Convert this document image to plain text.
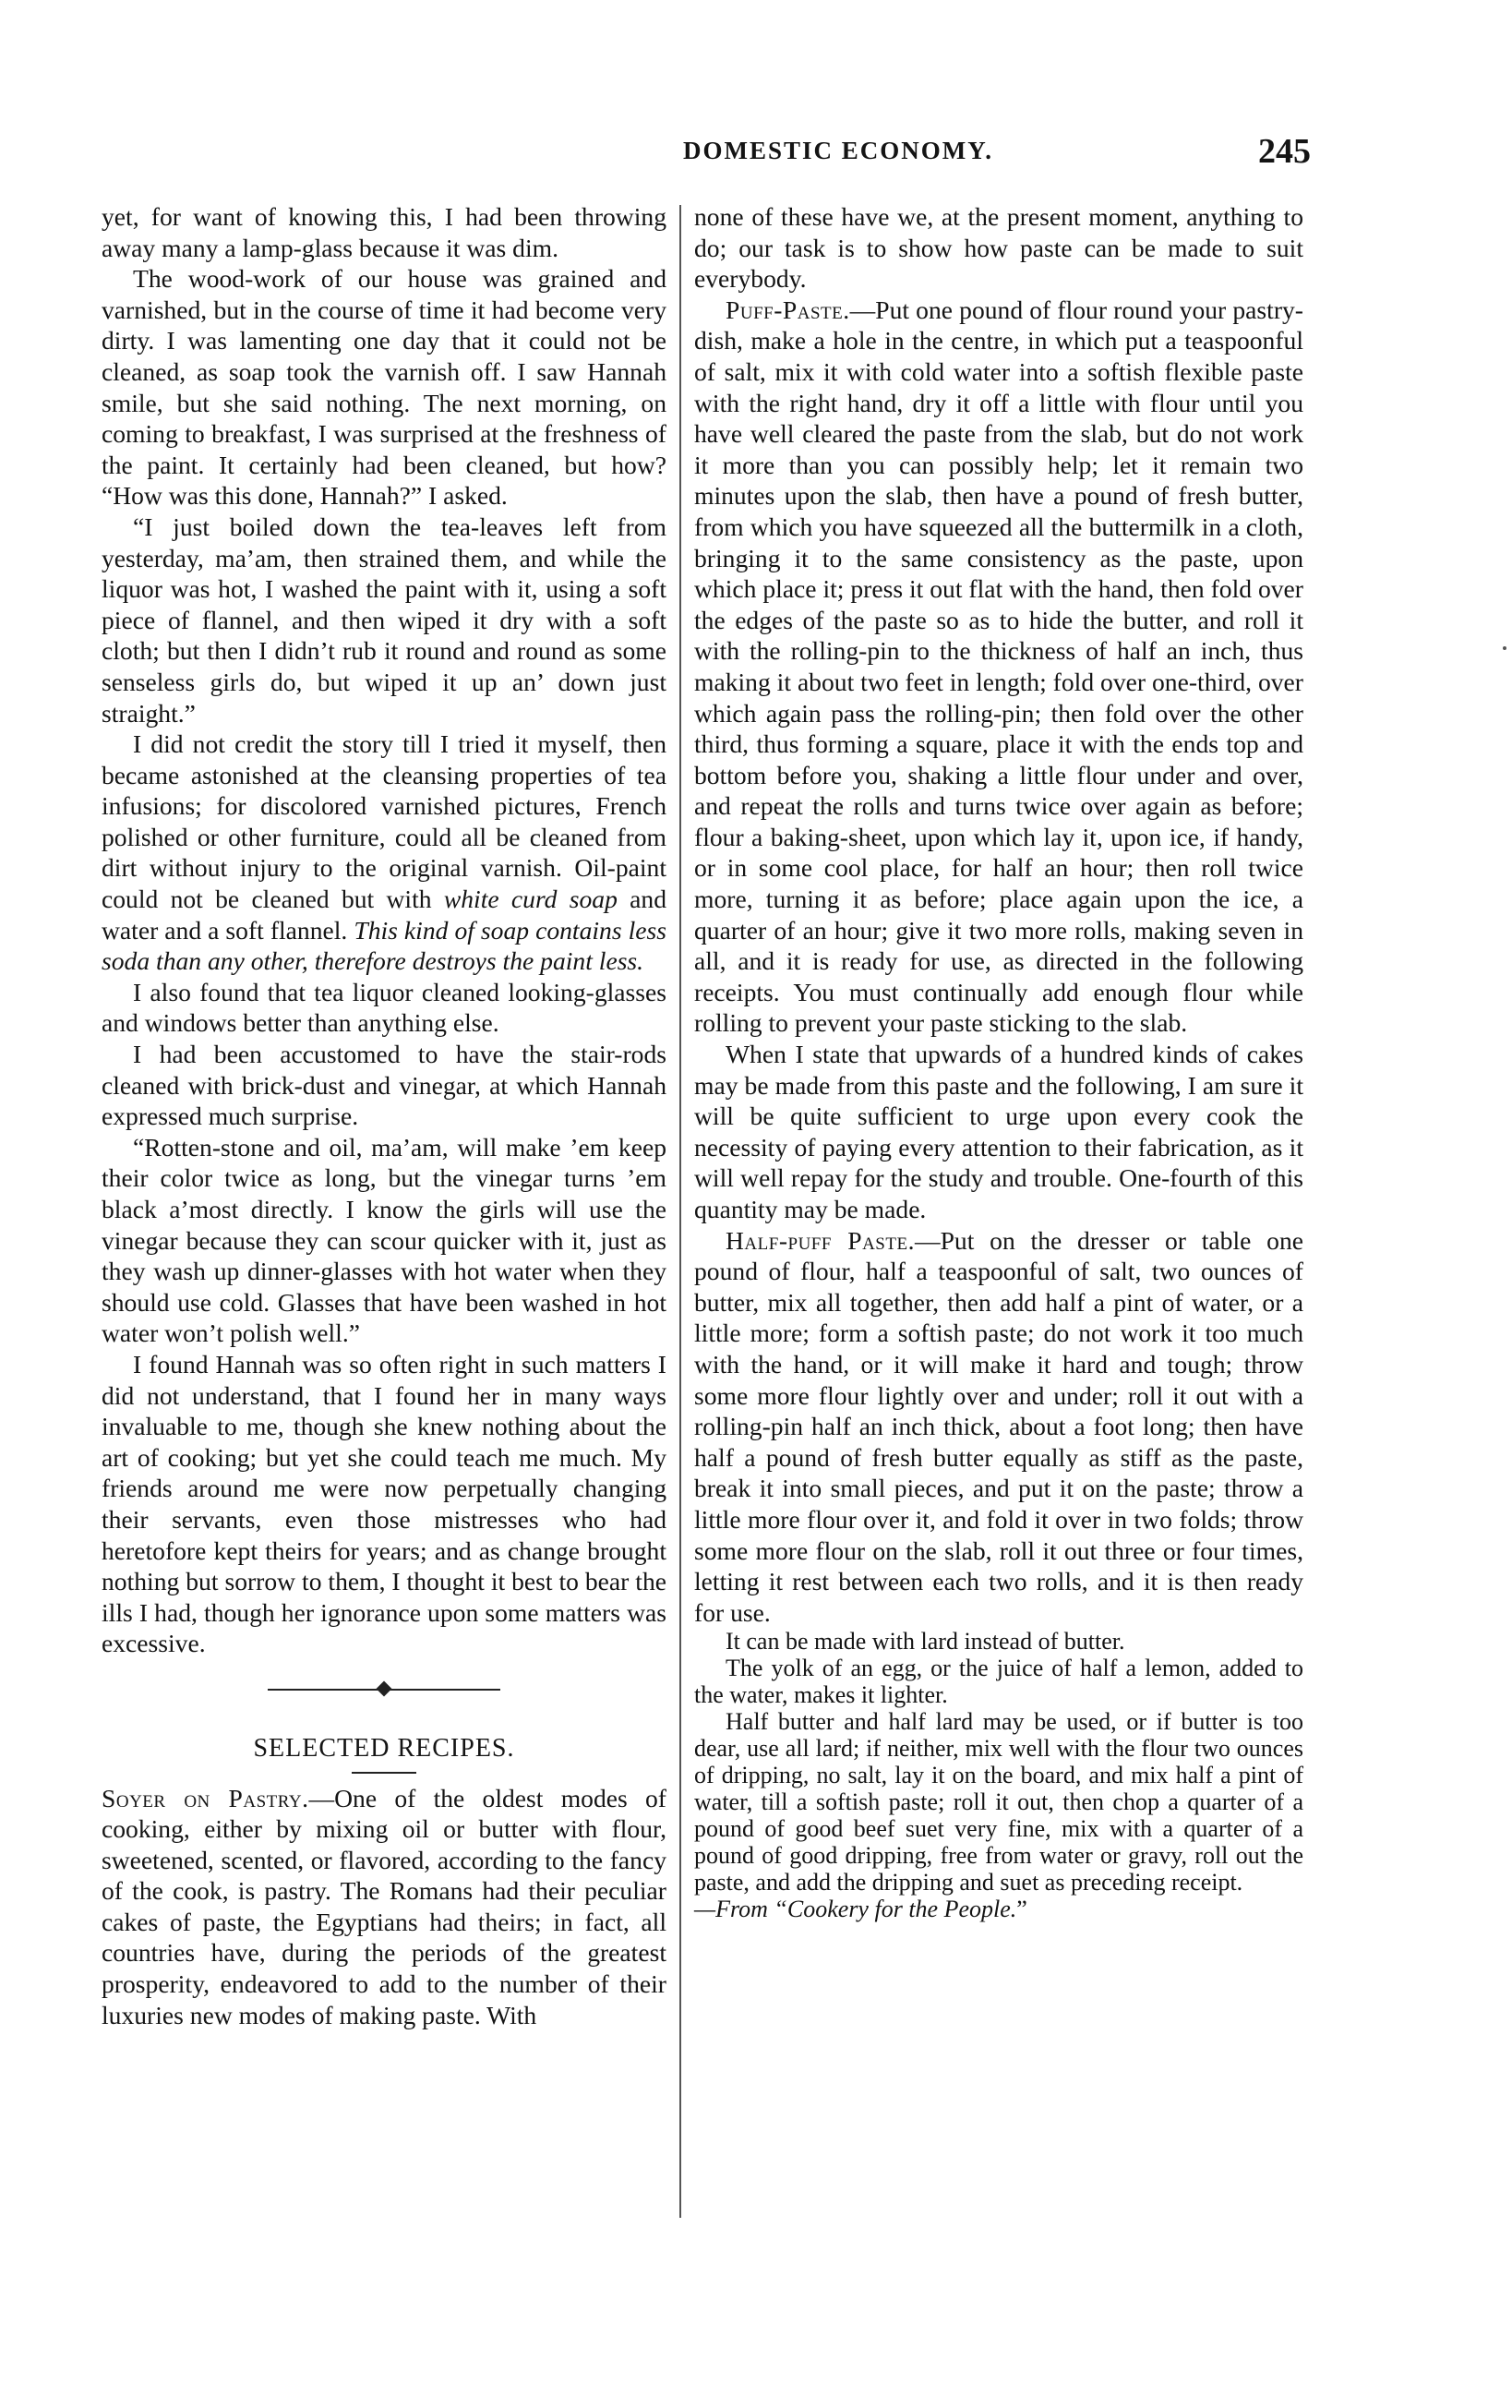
DOMESTIC ECONOMY.	245

yet, for want of knowing this, I had been throwing away many a lamp-glass because it was dim.

The wood-work of our house was grained and varnished, but in the course of time it had become very dirty. I was lamenting one day that it could not be cleaned, as soap took the varnish off. I saw Hannah smile, but she said nothing. The next morning, on coming to breakfast, I was surprised at the freshness of the paint. It certainly had been cleaned, but how? “How was this done, Hannah?” I asked.

“I just boiled down the tea-leaves left from yesterday, ma’am, then strained them, and while the liquor was hot, I washed the paint with it, using a soft piece of flannel, and then wiped it dry with a soft cloth; but then I didn’t rub it round and round as some senseless girls do, but wiped it up an’ down just straight.”

I did not credit the story till I tried it myself, then became astonished at the cleansing properties of tea infusions; for discolored varnished pictures, French polished or other furniture, could all be cleaned from dirt without injury to the original varnish. Oil-paint could not be cleaned but with white curd soap and water and a soft flannel. This kind of soap contains less soda than any other, therefore destroys the paint less.

I also found that tea liquor cleaned looking-glasses and windows better than anything else.

I had been accustomed to have the stair-rods cleaned with brick-dust and vinegar, at which Hannah expressed much surprise.

“Rotten-stone and oil, ma’am, will make ’em keep their color twice as long, but the vinegar turns ’em black a’most directly. I know the girls will use the vinegar because they can scour quicker with it, just as they wash up dinner-glasses with hot water when they should use cold. Glasses that have been washed in hot water won’t polish well.”

I found Hannah was so often right in such matters I did not understand, that I found her in many ways invaluable to me, though she knew nothing about the art of cooking; but yet she could teach me much. My friends around me were now perpetually changing their servants, even those mistresses who had heretofore kept theirs for years; and as change brought nothing but sorrow to them, I thought it best to bear the ills I had, though her ignorance upon some matters was excessive.

SELECTED RECIPES.

Soyer on Pastry.—One of the oldest modes of cooking, either by mixing oil or butter with flour, sweetened, scented, or flavored, according to the fancy of the cook, is pastry. The Romans had their peculiar cakes of paste, the Egyptians had theirs; in fact, all countries have, during the periods of the greatest prosperity, endeavored to add to the number of their luxuries new modes of making paste. With

none of these have we, at the present moment, anything to do; our task is to show how paste can be made to suit everybody.

Puff-Paste.—Put one pound of flour round your pastry-dish, make a hole in the centre, in which put a teaspoonful of salt, mix it with cold water into a softish flexible paste with the right hand, dry it off a little with flour until you have well cleared the paste from the slab, but do not work it more than you can possibly help; let it remain two minutes upon the slab, then have a pound of fresh butter, from which you have squeezed all the buttermilk in a cloth, bringing it to the same consistency as the paste, upon which place it; press it out flat with the hand, then fold over the edges of the paste so as to hide the butter, and roll it with the rolling-pin to the thickness of half an inch, thus making it about two feet in length; fold over one-third, over which again pass the rolling-pin; then fold over the other third, thus forming a square, place it with the ends top and bottom before you, shaking a little flour under and over, and repeat the rolls and turns twice over again as before; flour a baking-sheet, upon which lay it, upon ice, if handy, or in some cool place, for half an hour; then roll twice more, turning it as before; place again upon the ice, a quarter of an hour; give it two more rolls, making seven in all, and it is ready for use, as directed in the following receipts. You must continually add enough flour while rolling to prevent your paste sticking to the slab.

When I state that upwards of a hundred kinds of cakes may be made from this paste and the following, I am sure it will be quite sufficient to urge upon every cook the necessity of paying every attention to their fabrication, as it will well repay for the study and trouble. One-fourth of this quantity may be made.

Half-puff Paste.—Put on the dresser or table one pound of flour, half a teaspoonful of salt, two ounces of butter, mix all together, then add half a pint of water, or a little more; form a softish paste; do not work it too much with the hand, or it will make it hard and tough; throw some more flour lightly over and under; roll it out with a rolling-pin half an inch thick, about a foot long; then have half a pound of fresh butter equally as stiff as the paste, break it into small pieces, and put it on the paste; throw a little more flour over it, and fold it over in two folds; throw some more flour on the slab, roll it out three or four times, letting it rest between each two rolls, and it is then ready for use.

It can be made with lard instead of butter.

The yolk of an egg, or the juice of half a lemon, added to the water, makes it lighter.

Half butter and half lard may be used, or if butter is too dear, use all lard; if neither, mix well with the flour two ounces of dripping, no salt, lay it on the board, and mix half a pint of water, till a softish paste; roll it out, then chop a quarter of a pound of good beef suet very fine, mix with a quarter of a pound of good dripping, free from water or gravy, roll out the paste, and add the dripping and suet as preceding receipt.

—From “Cookery for the People.”
